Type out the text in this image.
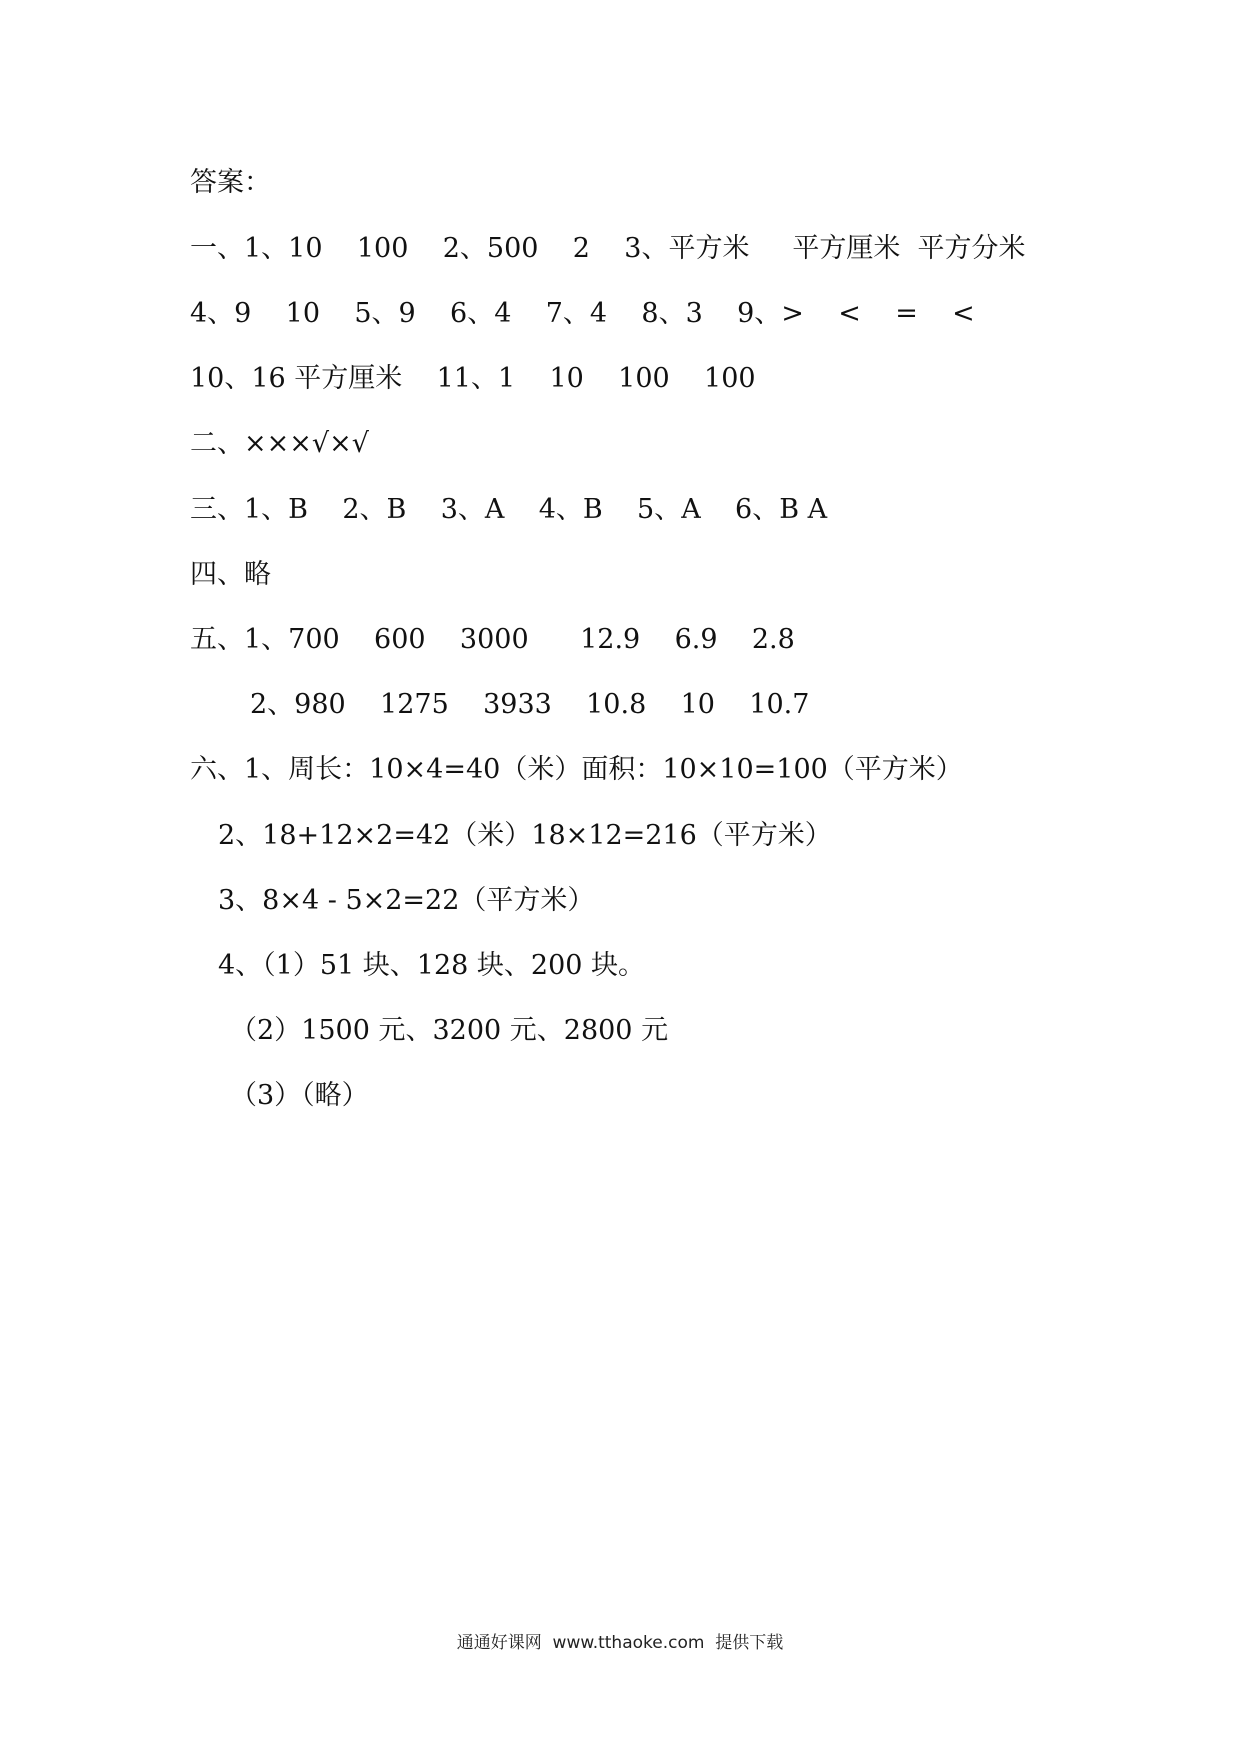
答案：
一、1、10    100    2、500    2    3、平方米     平方厘米  平方分米
4、9    10    5、9    6、4    7、4    8、3    9、>    <    =    <
10、16 平方厘米    11、1    10    100    100
二、×××√×√
三、1、B    2、B    3、A    4、B    5、A    6、B A
四、略
五、1、700    600    3000      12.9    6.9    2.8
2、980    1275    3933    10.8    10    10.7
六、1、周长：10×4=40（米）面积：10×10=100（平方米）
2、18+12×2=42（米）18×12=216（平方米）
3、8×4 - 5×2=22（平方米）
4、（1）51 块、128 块、200 块。
（2）1500 元、3200 元、2800 元
（3）（略）
通通好课网  www.tthaoke.com  提供下载
